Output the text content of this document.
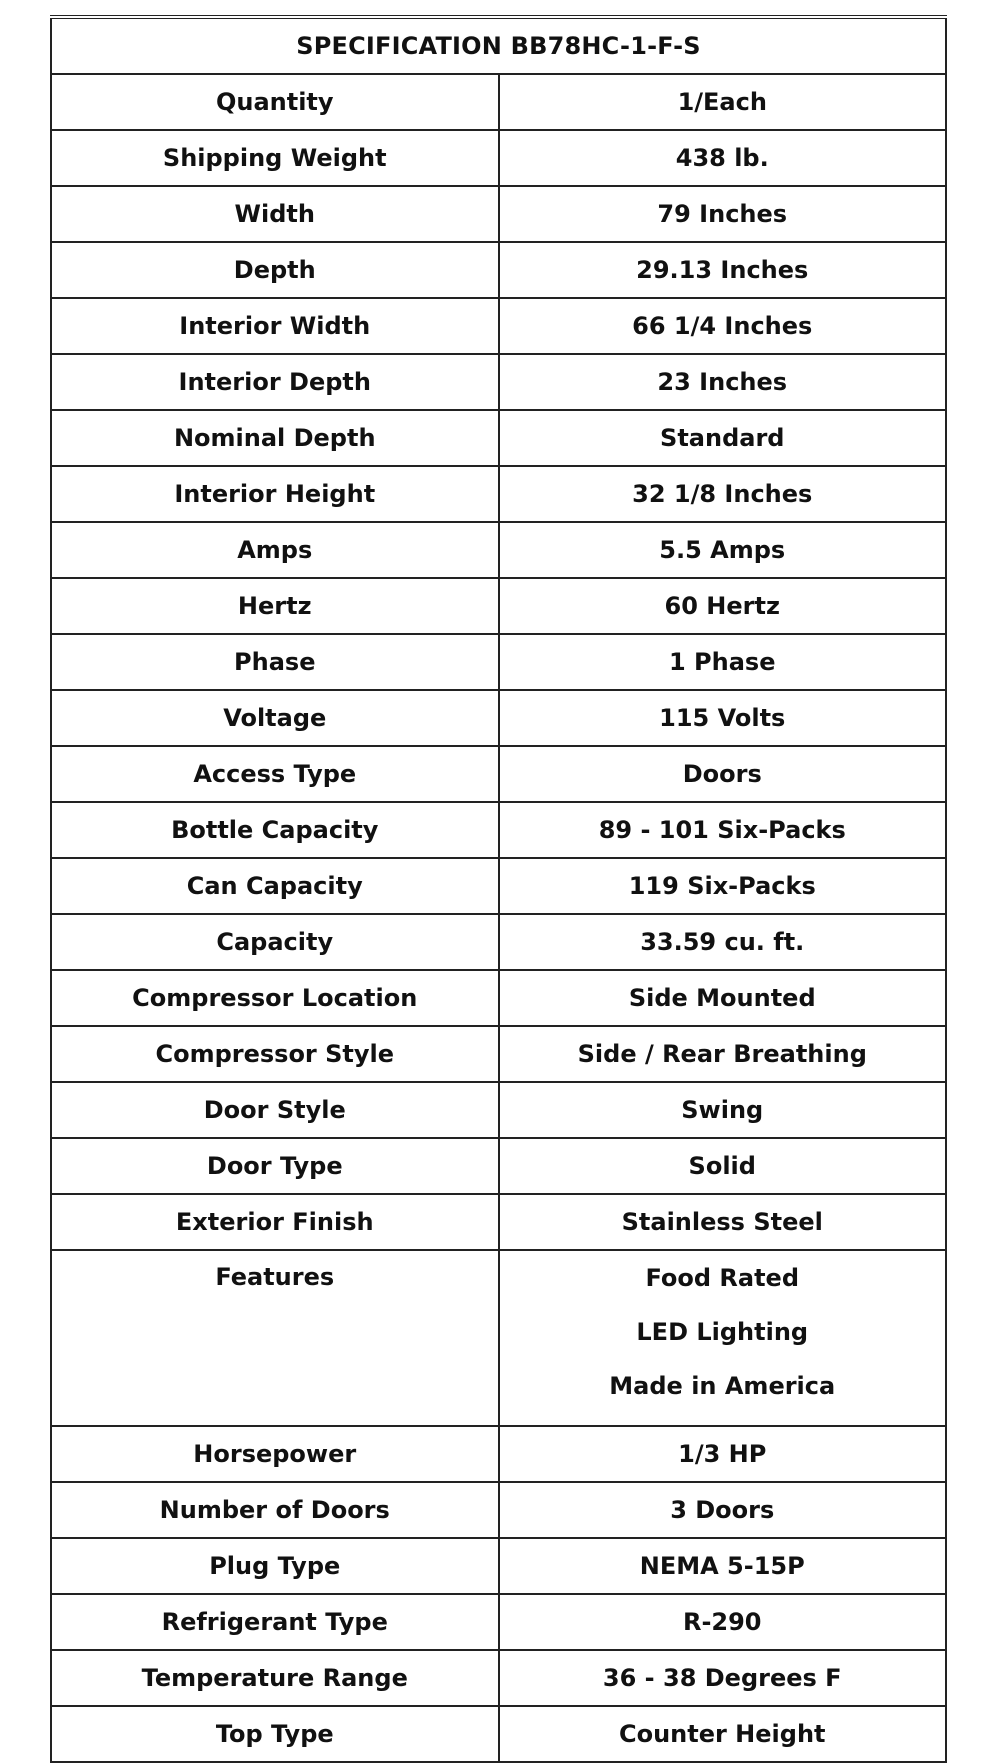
SPECIFICATION BB78HC-1-F-S	
Quantity	1/Each
Shipping Weight	438 lb.
Width	79 Inches
Depth	29.13 Inches
Interior Width	66 1/4 Inches
Interior Depth	23 Inches
Nominal Depth	Standard
Interior Height	32 1/8 Inches
Amps	5.5 Amps
Hertz	60 Hertz
Phase	1 Phase
Voltage	115 Volts
Access Type	Doors
Bottle Capacity	89 - 101 Six-Packs
Can Capacity	119 Six-Packs
Capacity	33.59 cu. ft.
Compressor Location	Side Mounted
Compressor Style	Side / Rear Breathing
Door Style	Swing
Door Type	Solid
Exterior Finish	Stainless Steel
Features	Food Rated
LED Lighting
Made in America

Horsepower	1/3 HP
Number of Doors	3 Doors
Plug Type	NEMA 5-15P
Refrigerant Type	R-290
Temperature Range	36 - 38 Degrees F
Top Type	Counter Height
